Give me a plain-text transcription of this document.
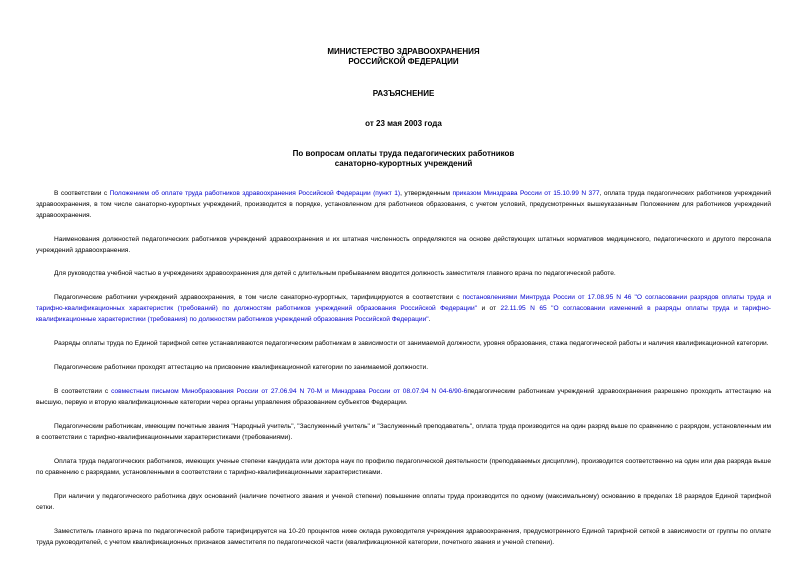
МИНИСТЕРСТВО ЗДРАВООХРАНЕНИЯ
РОССИЙСКОЙ ФЕДЕРАЦИИ
РАЗЪЯСНЕНИЕ
от 23 мая 2003 года
По вопросам оплаты труда педагогических работников
санаторно-курортных учреждений

В соответствии с Положением об оплате труда работников здравоохранения Российской Федерации (пункт 1), утвержденным приказом Минздрава России от 15.10.99 N 377, оплата труда педагогических работников учреждений здравоохранения, в том числе санаторно-курортных учреждений, производится в порядке, установленном для работников образования, с учетом условий, предусмотренных вышеуказанным Положением для работников учреждений здравоохранения.

Наименования должностей педагогических работников учреждений здравоохранения и их штатная численность определяются на основе действующих штатных нормативов медицинского, педагогического и другого персонала учреждений здравоохранения.

Для руководства учебной частью в учреждениях здравоохранения для детей с длительным пребыванием вводится должность заместителя главного врача по педагогической работе.

Педагогические работники учреждений здравоохранения, в том числе санаторно-курортных, тарифицируются в соответствии с постановлениями Минтруда России от 17.08.95 N 46 "О согласовании разрядов оплаты труда и тарифно-квалификационных характеристик (требований) по должностям работников учреждений образования Российской Федерации" и от 22.11.95 N 65 "О согласовании изменений в разряды оплаты труда и тарифно-квалификационные характеристики (требования) по должностям работников учреждений образования Российской Федерации".

Разряды оплаты труда по Единой тарифной сетке устанавливаются педагогическим работникам в зависимости от занимаемой должности, уровня образования, стажа педагогической работы и наличия квалификационной категории.

Педагогические работники проходят аттестацию на присвоение квалификационной категории по занимаемой должности.

В соответствии с совместным письмом Минобразования России от 27.06.94 N 70-М и Минздрава России от 08.07.94 N 04-6/90-6педагогическим работникам учреждений здравоохранения разрешено проходить аттестацию на высшую, первую и вторую квалификационные категории через органы управления образованием субъектов Федерации.

Педагогическим работникам, имеющим почетные звания "Народный учитель", "Заслуженный учитель" и "Заслуженный преподаватель", оплата труда производится на один разряд выше по сравнению с разрядом, установленным им в соответствии с тарифно-квалификационными характеристиками (требованиями).

Оплата труда педагогических работников, имеющих ученые степени кандидата или доктора наук по профилю педагогической деятельности (преподаваемых дисциплин), производится соответственно на один или два разряда выше по сравнению с разрядами, установленными в соответствии с тарифно-квалификационными характеристиками.

При наличии у педагогического работника двух оснований (наличие почетного звания и ученой степени) повышение оплаты труда производится по одному (максимальному) основанию в пределах 18 разрядов Единой тарифной сетки.

Заместитель главного врача по педагогической работе тарифицируется на 10-20 процентов ниже оклада руководителя учреждения здравоохранения, предусмотренного Единой тарифной сеткой в зависимости от группы по оплате труда руководителей, с учетом квалификационных признаков заместителя по педагогической части (квалификационной категории, почетного звания и ученой степени).
